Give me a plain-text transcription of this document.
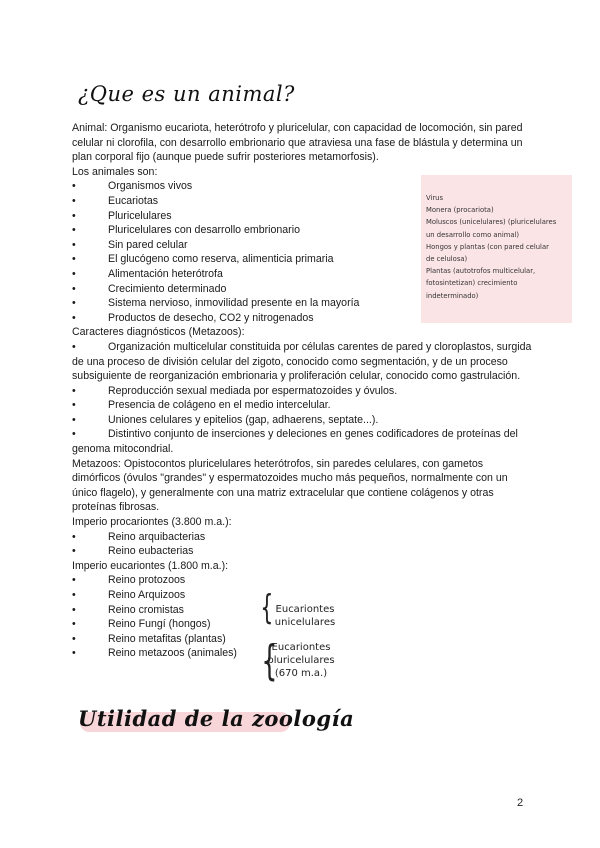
¿Que es un animal?

Animal: Organismo eucariota, heterótrofo y pluricelular, con capacidad de locomoción, sin pared celular ni clorofila, con desarrollo embrionario que atraviesa una fase de blástula y determina un plan corporal fijo (aunque puede sufrir posteriores metamorfosis).

Los animales son:

•	Organismos vivos
•	Eucariotas
•	Pluricelulares
•	Pluricelulares con desarrollo embrionario
•	Sin pared celular
•	El glucógeno como reserva, alimenticia primaria
•	Alimentación heterótrofa
•	Crecimiento determinado
•	Sistema nervioso, inmovilidad presente en la mayoría
•	Productos de desecho, CO2 y nitrogenados

Caracteres diagnósticos (Metazoos):

•	Organización multicelular constituida por células carentes de pared y cloroplastos, surgida de una proceso de división celular del zigoto, conocido como segmentación, y de un proceso subsiguiente de reorganización embrionaria y proliferación celular, conocido como gastrulación.

•	Reproducción sexual mediada por espermatozoides y óvulos.

•	Presencia de colágeno en el medio intercelular.

•	Uniones celulares y epitelios (gap, adhaerens, septate...).

•	Distintivo conjunto de inserciones y deleciones en genes codificadores de proteínas del genoma mitocondrial.

Metazoos: Opistocontos pluricelulares heterótrofos, sin paredes celulares, con gametos dimórficos (óvulos "grandes" y espermatozoides mucho más pequeños, normalmente con un único flagelo), y generalmente con una matriz extracelular que contiene colágenos y otras proteínas fibrosas.

Imperio procariontes (3.800 m.a.):

•	Reino arquibacterias
•	Reino eubacterias

Imperio eucariontes (1.800 m.a.):

•	Reino protozoos
•	Reino Arquizoos
•	Reino cromistas
•	Reino Fungí (hongos)
•	Reino metafitas (plantas)
•	Reino metazoos (animales)
Virus
Monera (procariota)
Moluscos (unicelulares) (pluricelulares
un desarrollo como animal)
Hongos y plantas (con pared celular
de celulosa)
Plantas (autotrofos multicelular,
fotosintetizan) crecimiento
indeterminado)
{ Eucariontes unicelulares
{
Eucariontes pluricelulares (670 m.a.)
Utilidad de la zoología
2
